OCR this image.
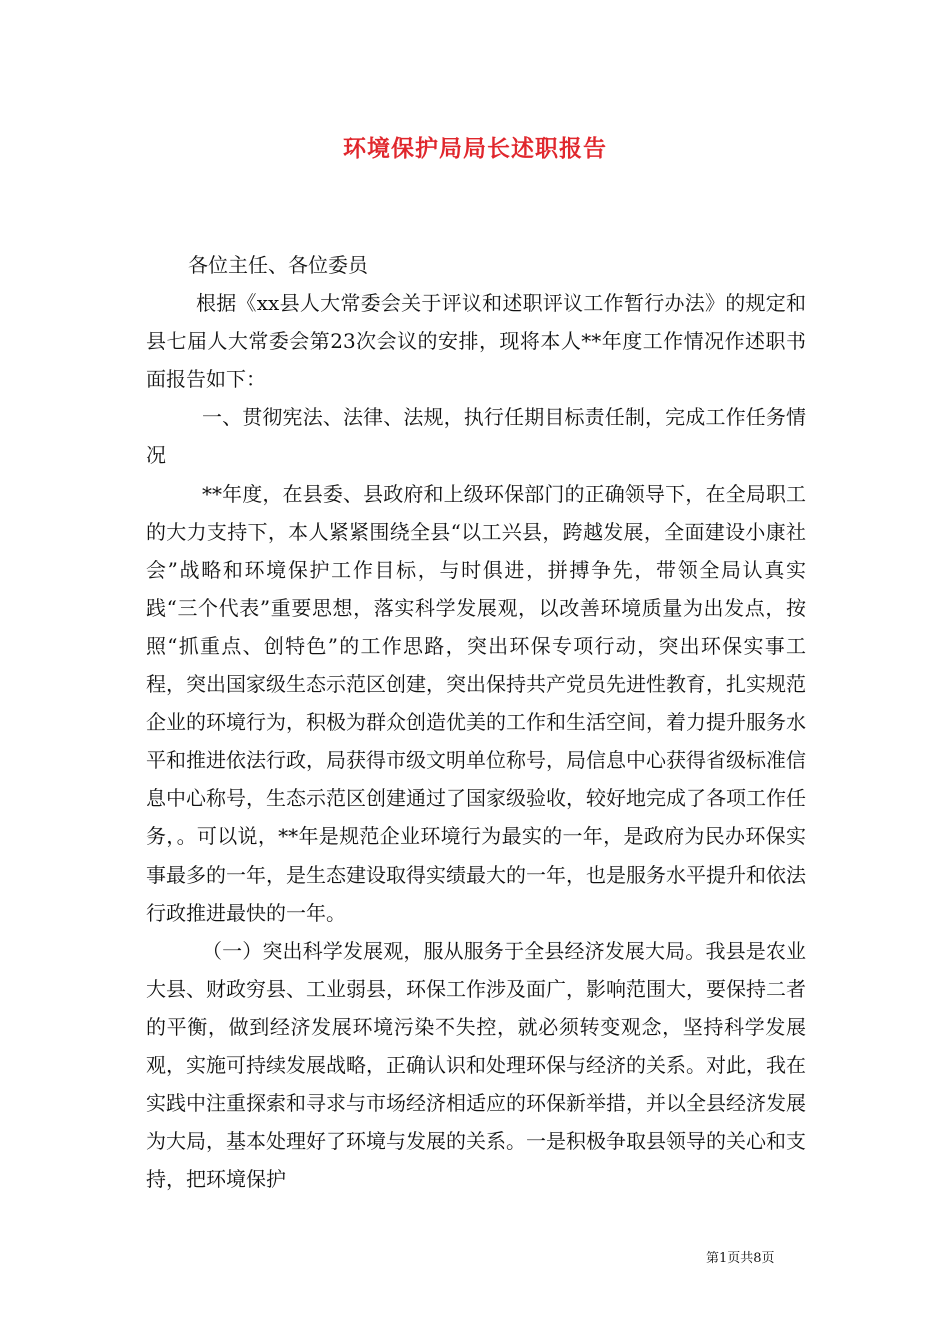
环境保护局局长述职报告

各位主任、各位委员

根据《xx县人大常委会关于评议和述职评议工作暂行办法》的规定和县七届人大常委会第23次会议的安排，现将本人**年度工作情况作述职书面报告如下：

一、贯彻宪法、法律、法规，执行任期目标责任制，完成工作任务情况

**年度，在县委、县政府和上级环保部门的正确领导下，在全局职工的大力支持下，本人紧紧围绕全县“以工兴县，跨越发展，全面建设小康社会”战略和环境保护工作目标，与时俱进，拼搏争先，带领全局认真实践“三个代表”重要思想，落实科学发展观，以改善环境质量为出发点，按照“抓重点、创特色”的工作思路，突出环保专项行动，突出环保实事工程，突出国家级生态示范区创建，突出保持共产党员先进性教育，扎实规范企业的环境行为，积极为群众创造优美的工作和生活空间，着力提升服务水平和推进依法行政，局获得市级文明单位称号，局信息中心获得省级标准信息中心称号，生态示范区创建通过了国家级验收，较好地完成了各项工作任务，。可以说，**年是规范企业环境行为最实的一年，是政府为民办环保实事最多的一年，是生态建设取得实绩最大的一年，也是服务水平提升和依法行政推进最快的一年。

（一）突出科学发展观，服从服务于全县经济发展大局。我县是农业大县、财政穷县、工业弱县，环保工作涉及面广，影响范围大，要保持二者的平衡，做到经济发展环境污染不失控，就必须转变观念，坚持科学发展观，实施可持续发展战略，正确认识和处理环保与经济的关系。对此，我在实践中注重探索和寻求与市场经济相适应的环保新举措，并以全县经济发展为大局，基本处理好了环境与发展的关系。一是积极争取县领导的关心和支持，把环境保护

第1页共8页
